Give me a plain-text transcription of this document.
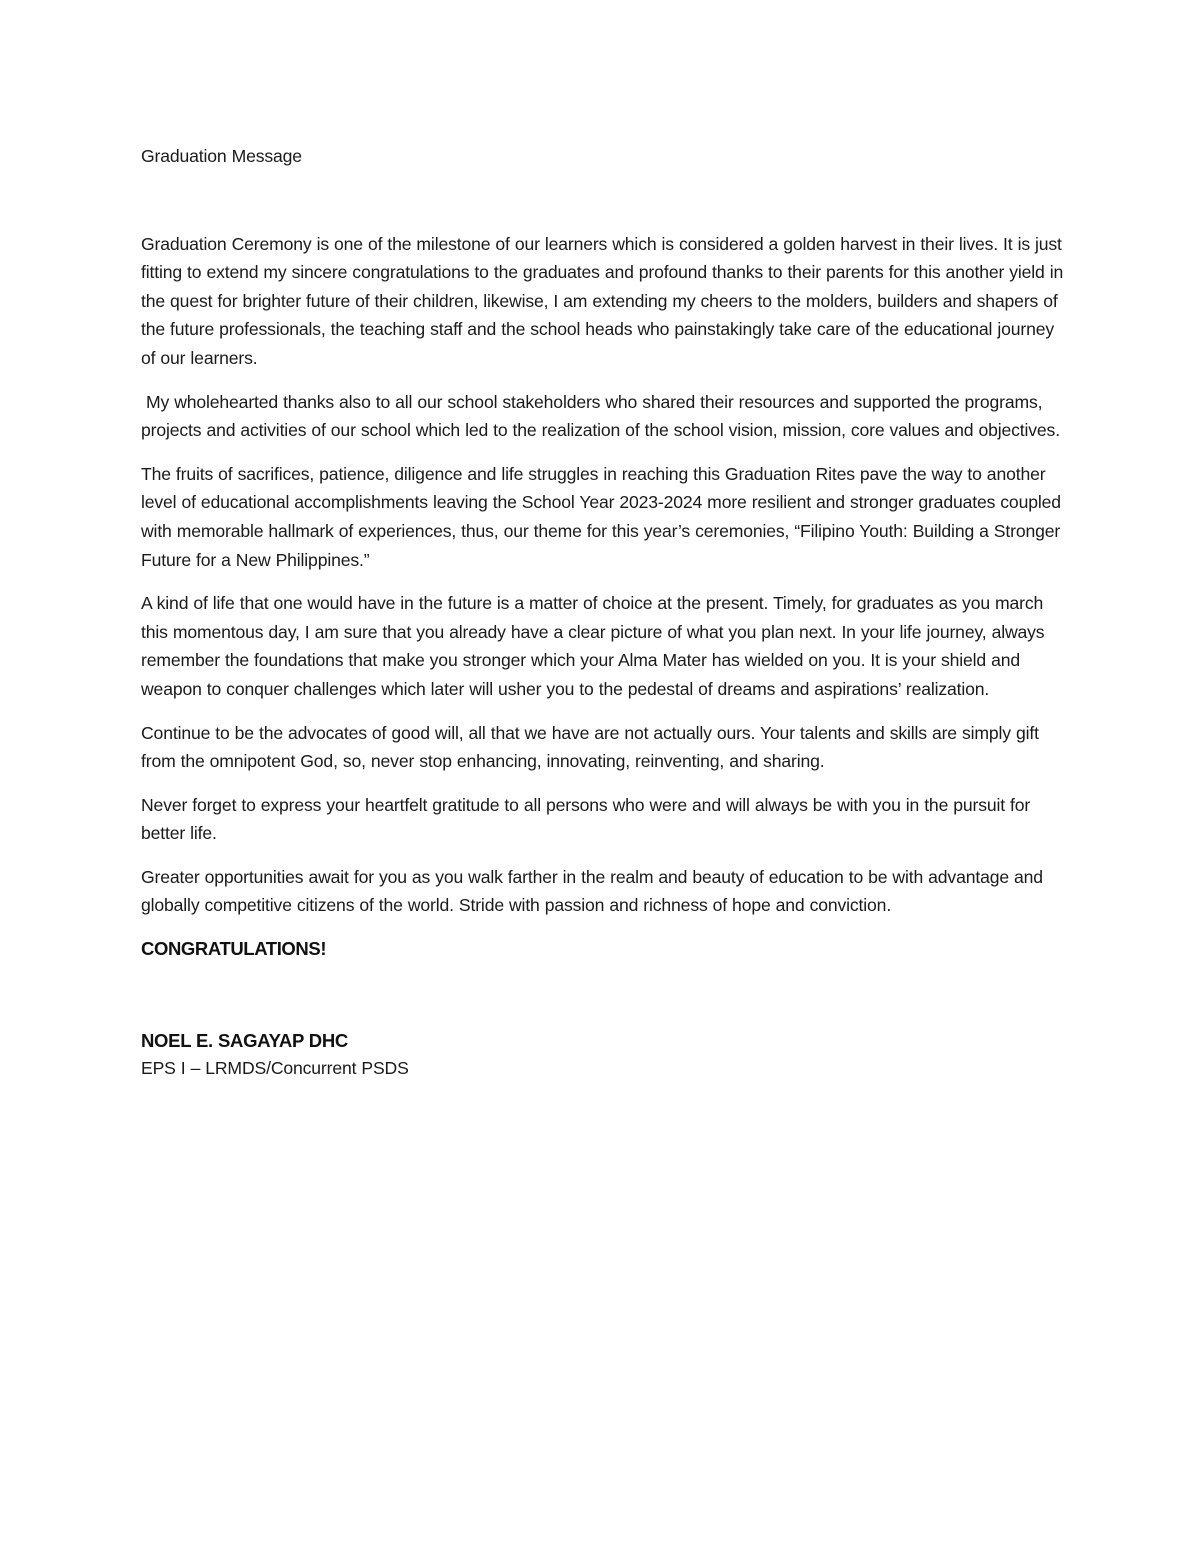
Graduation Message

Graduation Ceremony is one of the milestone of our learners which is considered a golden harvest in their lives. It is just fitting to extend my sincere congratulations to the graduates and profound thanks to their parents for this another yield in the quest for brighter future of their children, likewise, I am extending my cheers to the molders, builders and shapers of the future professionals, the teaching staff and the school heads who painstakingly take care of the educational journey of our learners.

My wholehearted thanks also to all our school stakeholders who shared their resources and supported the programs, projects and activities of our school which led to the realization of the school vision, mission, core values and objectives.

The fruits of sacrifices, patience, diligence and life struggles in reaching this Graduation Rites pave the way to another level of educational accomplishments leaving the School Year 2023-2024 more resilient and stronger graduates coupled with memorable hallmark of experiences, thus, our theme for this year’s ceremonies, “Filipino Youth: Building a Stronger Future for a New Philippines.”

A kind of life that one would have in the future is a matter of choice at the present. Timely, for graduates as you march this momentous day, I am sure that you already have a clear picture of what you plan next. In your life journey, always remember the foundations that make you stronger which your Alma Mater has wielded on you. It is your shield and weapon to conquer challenges which later will usher you to the pedestal of dreams and aspirations’ realization.

Continue to be the advocates of good will, all that we have are not actually ours. Your talents and skills are simply gift from the omnipotent God, so, never stop enhancing, innovating, reinventing, and sharing.

Never forget to express your heartfelt gratitude to all persons who were and will always be with you in the pursuit for better life.

Greater opportunities await for you as you walk farther in the realm and beauty of education to be with advantage and globally competitive citizens of the world. Stride with passion and richness of hope and conviction.

CONGRATULATIONS!

NOEL E. SAGAYAP DHC

EPS I – LRMDS/Concurrent PSDS
